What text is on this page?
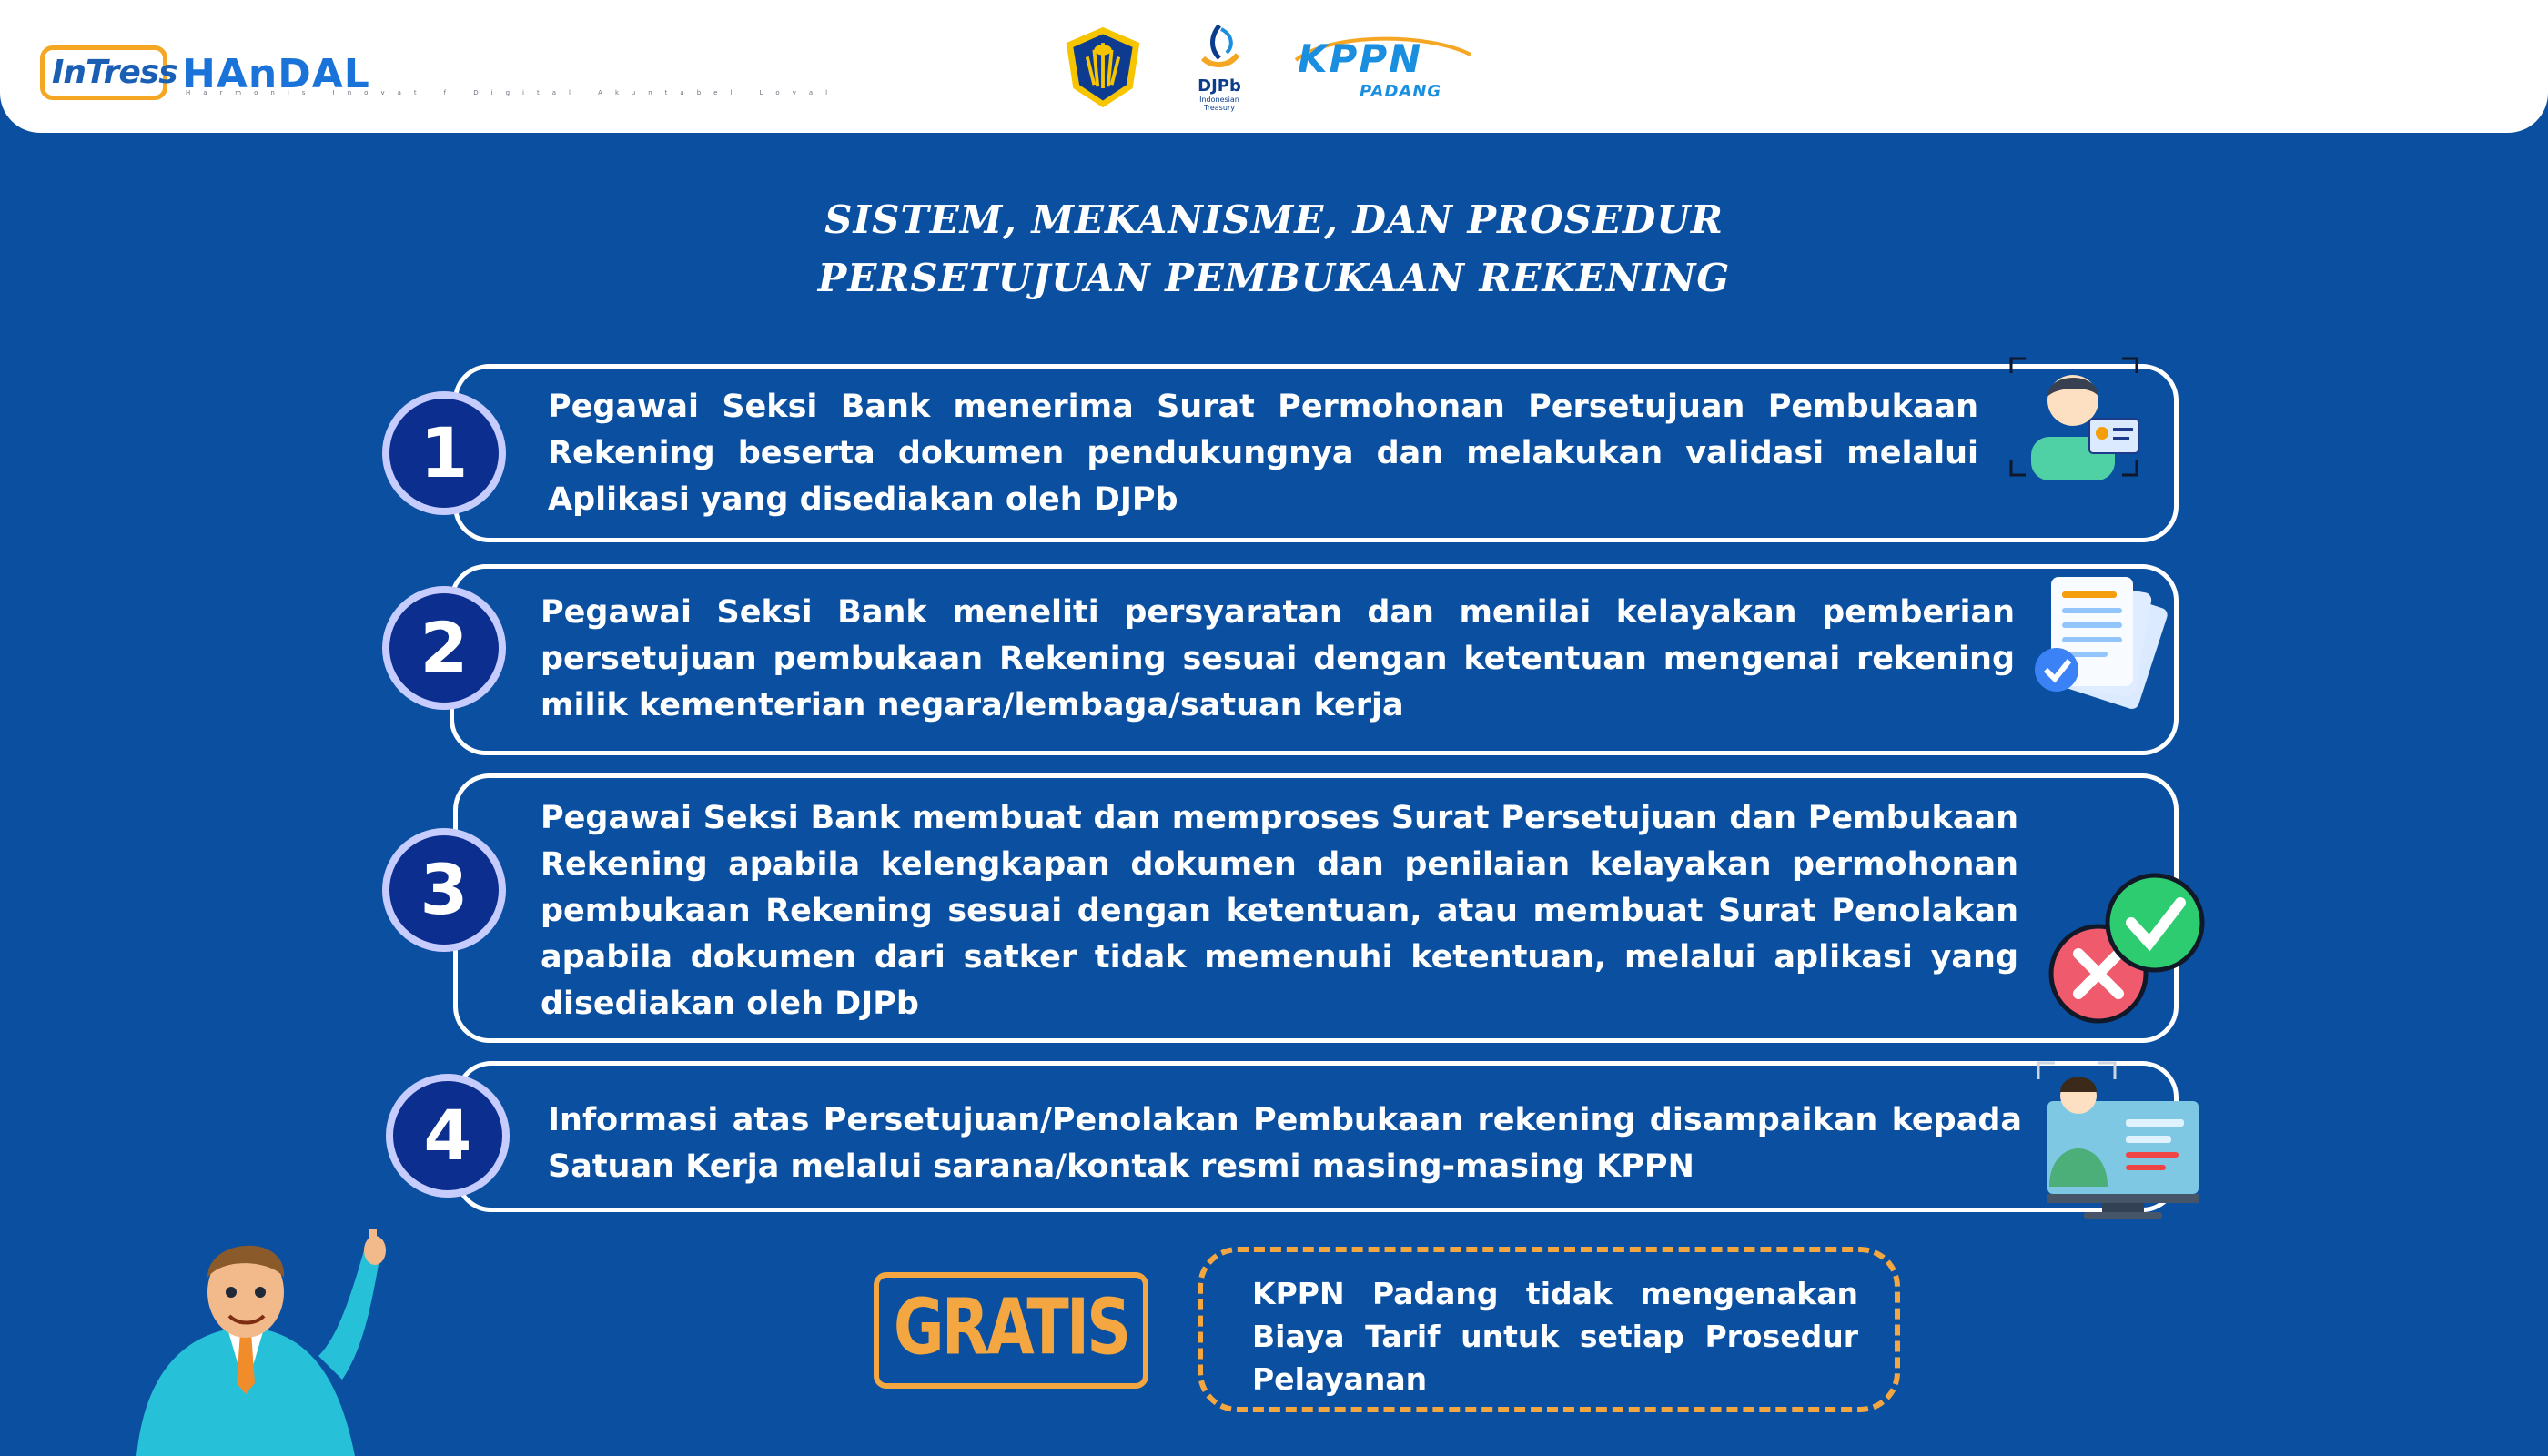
InTress HAnDAL
Harmonis Inovatif Digital Akuntabel Loyal	DJPb
Indonesian Treasury
KPPN
PADANG
SISTEM, MEKANISME, DAN PROSEDUR
PERSETUJUAN PEMBUKAAN REKENING
1
Pegawai Seksi Bank menerima Surat Permohonan Persetujuan Pembukaan Rekening beserta dokumen pendukungnya dan melakukan validasi melalui Aplikasi yang disediakan oleh DJPb
2	Pegawai Seksi Bank meneliti persyaratan dan menilai kelayakan pemberian persetujuan pembukaan Rekening sesuai dengan ketentuan mengenai rekening milik kementerian negara/lembaga/satuan kerja
3
Pegawai Seksi Bank membuat dan memproses Surat Persetujuan dan Pembukaan Rekening apabila kelengkapan dokumen dan penilaian kelayakan permohonan pembukaan Rekening sesuai dengan ketentuan, atau membuat Surat Penolakan apabila dokumen dari satker tidak memenuhi ketentuan, melalui aplikasi yang disediakan oleh DJPb
4	Informasi atas Persetujuan/Penolakan Pembukaan rekening disampaikan kepada Satuan Kerja melalui sarana/kontak resmi masing-masing KPPN
GRATIS	KPPN Padang tidak mengenakan Biaya Tarif untuk setiap Prosedur Pelayanan
